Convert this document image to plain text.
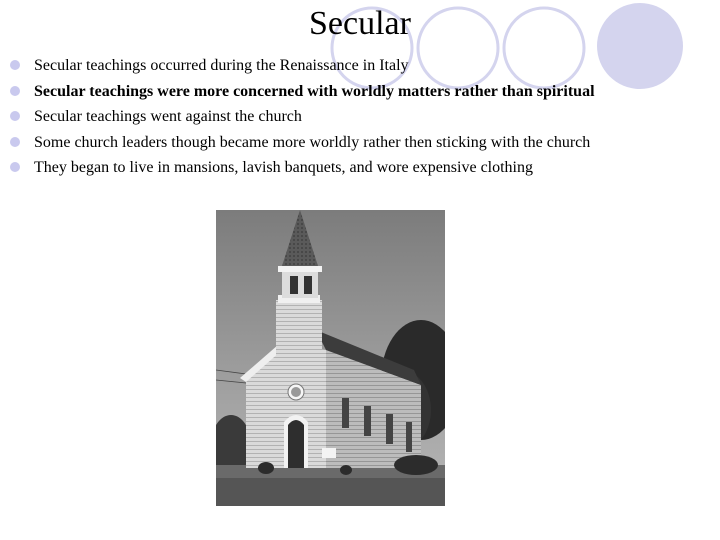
Secular
Secular teachings occurred during the Renaissance in Italy
Secular teachings were more concerned with worldly matters rather than spiritual
Secular teachings went against the church
Some church leaders though became more worldly rather then sticking with the church
They began to live in mansions, lavish banquets, and wore expensive clothing
